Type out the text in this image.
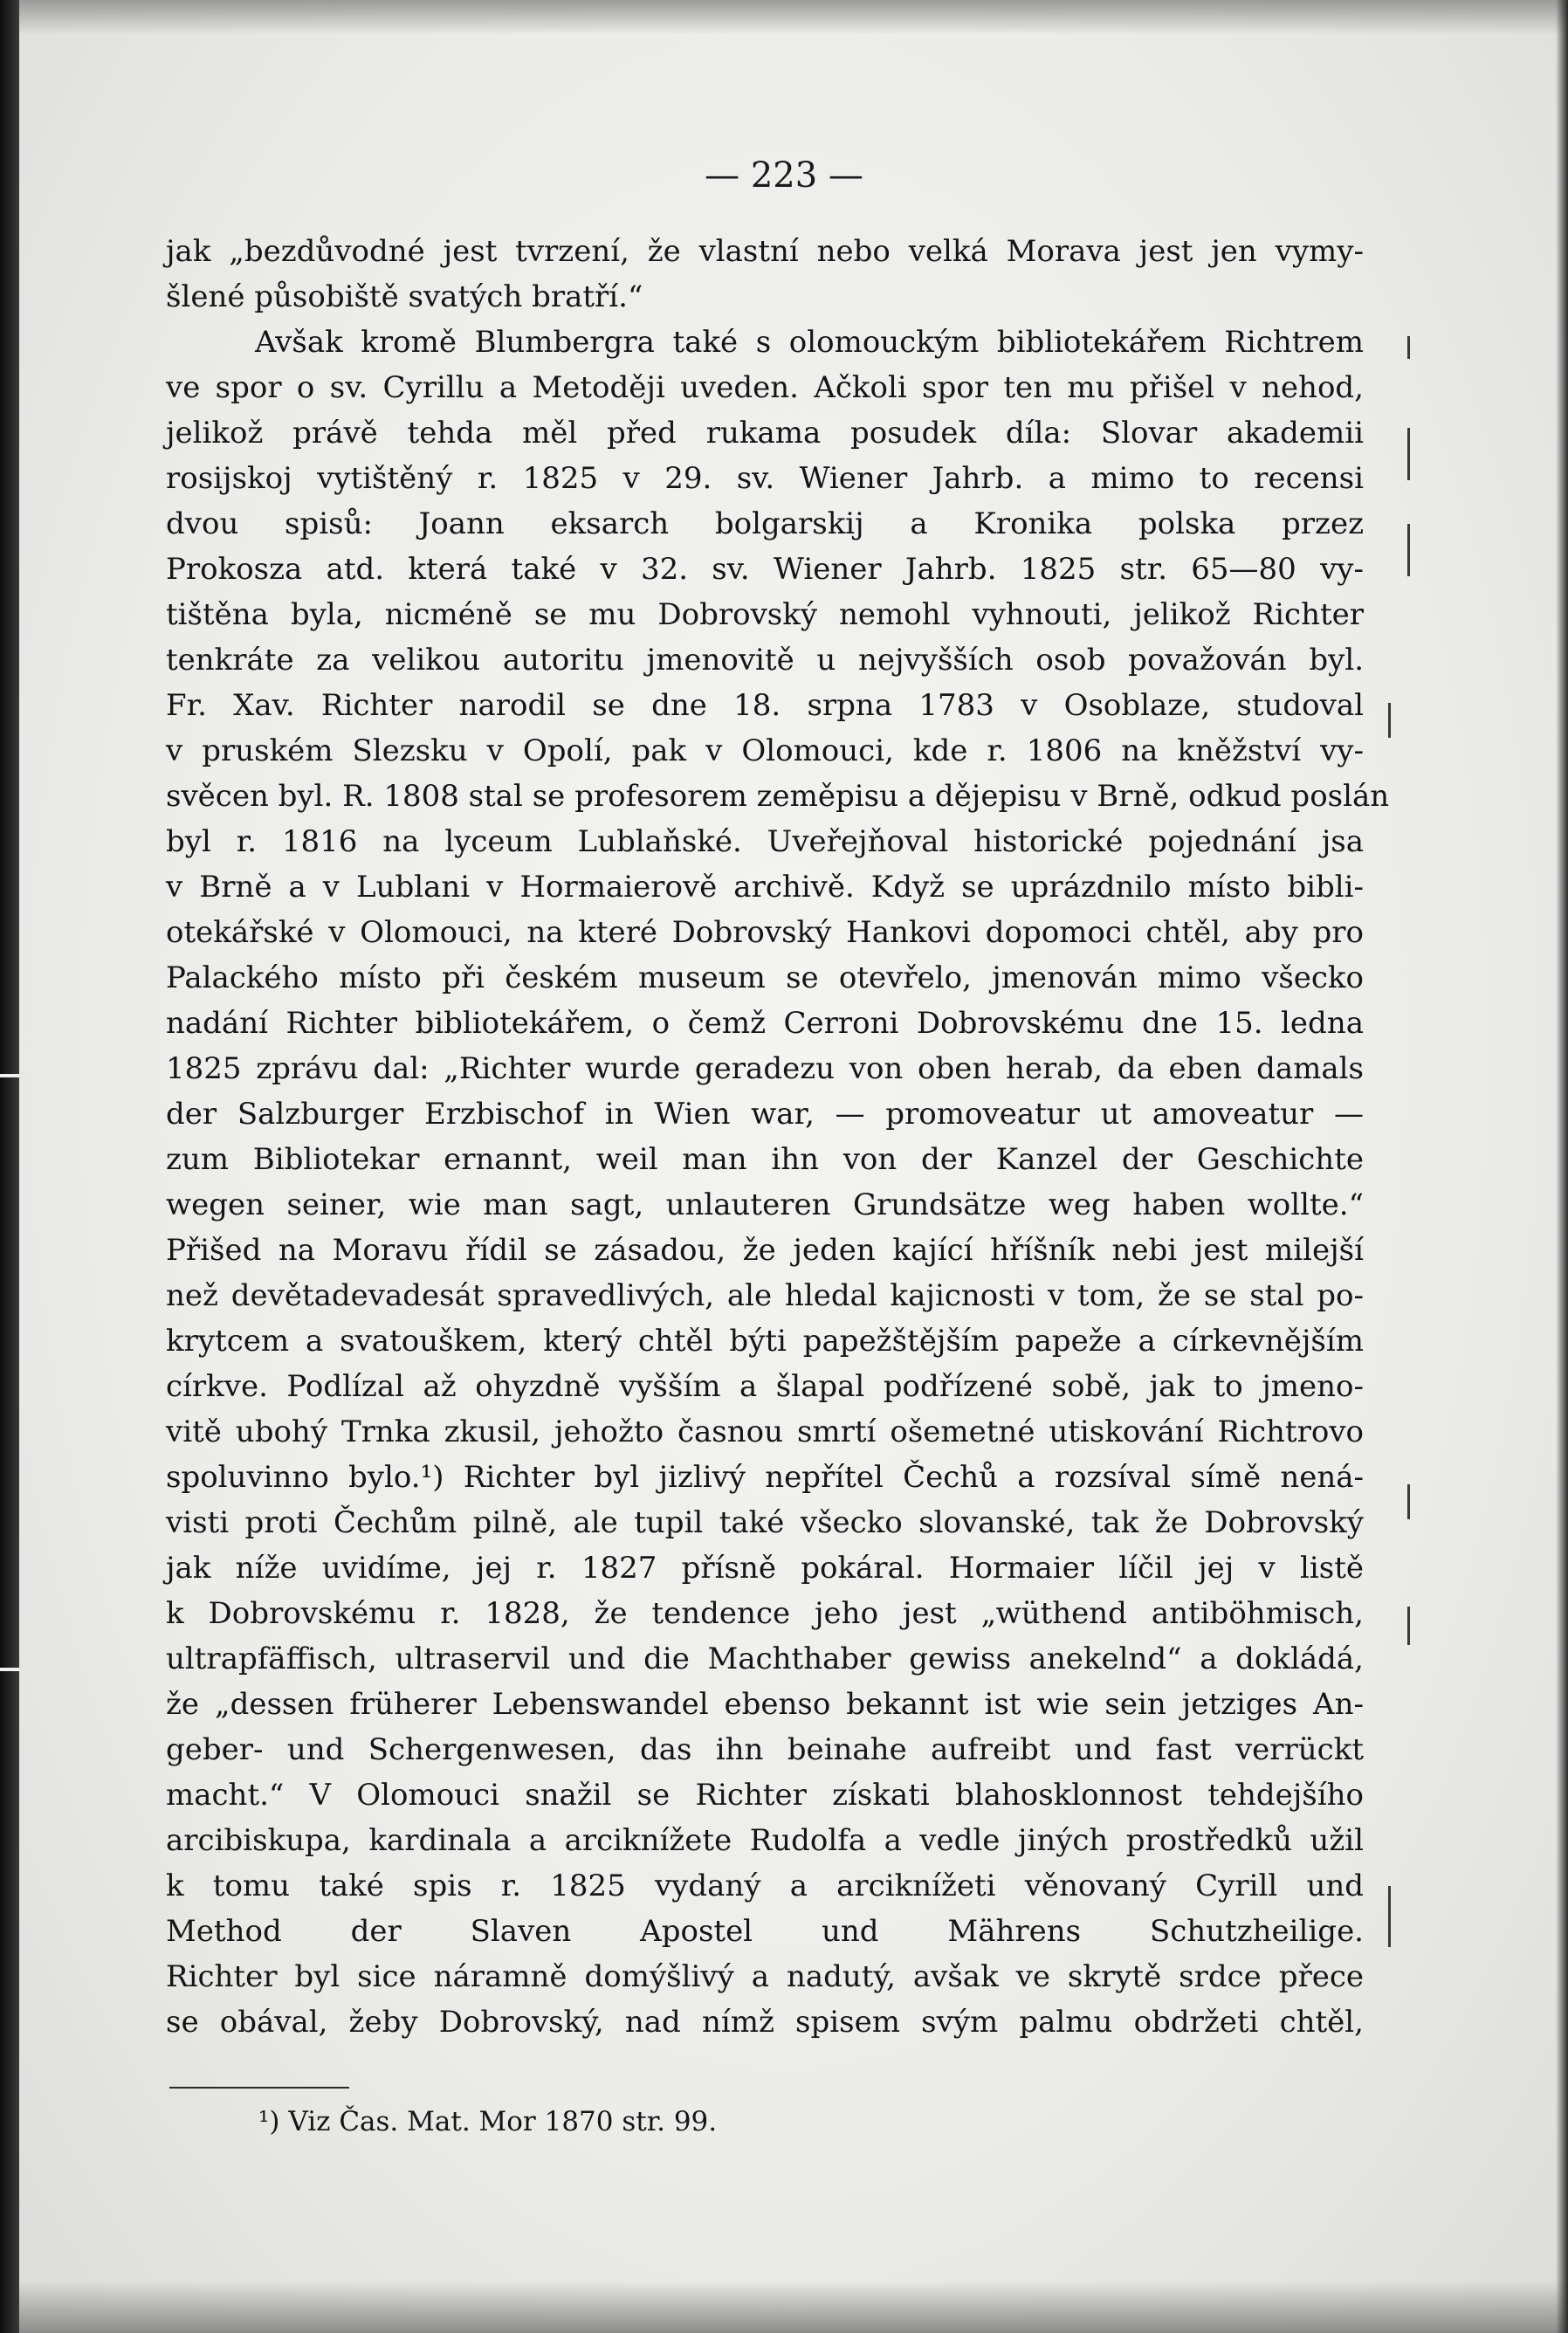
— 223 —
jak „bezdůvodné jest tvrzení, že vlastní nebo velká Morava jest jen vymy-
šlené působiště svatých bratří.“
Avšak kromě Blumbergra také s olomouckým bibliotekářem Richtrem
ve spor o sv. Cyrillu a Metoději uveden. Ačkoli spor ten mu přišel v nehod,
jelikož právě tehda měl před rukama posudek díla: Slovar akademii
rosijskoj vytištěný r. 1825 v 29. sv. Wiener Jahrb. a mimo to recensi
dvou spisů: Joann eksarch bolgarskij a Kronika polska przez
Prokosza atd. která také v 32. sv. Wiener Jahrb. 1825 str. 65—80 vy-
tištěna byla, nicméně se mu Dobrovský nemohl vyhnouti, jelikož Richter
tenkráte za velikou autoritu jmenovitě u nejvyšších osob považován byl.
Fr. Xav. Richter narodil se dne 18. srpna 1783 v Osoblaze, studoval
v pruském Slezsku v Opolí, pak v Olomouci, kde r. 1806 na kněžství vy-
svěcen byl. R. 1808 stal se profesorem zeměpisu a dějepisu v Brně, odkud poslán
byl r. 1816 na lyceum Lublaňské. Uveřejňoval historické pojednání jsa
v Brně a v Lublani v Hormaierově archivě. Když se uprázdnilo místo bibli-
otekářské v Olomouci, na které Dobrovský Hankovi dopomoci chtěl, aby pro
Palackého místo při českém museum se otevřelo, jmenován mimo všecko
nadání Richter bibliotekářem, o čemž Cerroni Dobrovskému dne 15. ledna
1825 zprávu dal: „Richter wurde geradezu von oben herab, da eben damals
der Salzburger Erzbischof in Wien war, — promoveatur ut amoveatur —
zum Bibliotekar ernannt, weil man ihn von der Kanzel der Geschichte
wegen seiner, wie man sagt, unlauteren Grundsätze weg haben wollte.“
Přišed na Moravu řídil se zásadou, že jeden kající hříšník nebi jest milejší
než devětadevadesát spravedlivých, ale hledal kajicnosti v tom, že se stal po-
krytcem a svatouškem, který chtěl býti papežštějším papeže a církevnějším
církve. Podlízal až ohyzdně vyšším a šlapal podřízené sobě, jak to jmeno-
vitě ubohý Trnka zkusil, jehožto časnou smrtí ošemetné utiskování Richtrovo
spoluvinno bylo.¹) Richter byl jizlivý nepřítel Čechů a rozsíval símě nená-
visti proti Čechům pilně, ale tupil také všecko slovanské, tak že Dobrovský
jak níže uvidíme, jej r. 1827 přísně pokáral. Hormaier líčil jej v listě
k Dobrovskému r. 1828, že tendence jeho jest „wüthend antiböhmisch,
ultrapfäffisch, ultraservil und die Machthaber gewiss anekelnd“ a dokládá,
že „dessen früherer Lebenswandel ebenso bekannt ist wie sein jetziges An-
geber- und Schergenwesen, das ihn beinahe aufreibt und fast verrückt
macht.“ V Olomouci snažil se Richter získati blahosklonnost tehdejšího
arcibiskupa, kardinala a arciknížete Rudolfa a vedle jiných prostředků užil
k tomu také spis r. 1825 vydaný a arciknížeti věnovaný Cyrill und
Method der Slaven Apostel und Mährens Schutzheilige.
Richter byl sice náramně domýšlivý a nadutý, avšak ve skrytě srdce přece
se obával, žeby Dobrovský, nad nímž spisem svým palmu obdržeti chtěl,
¹) Viz Čas. Mat. Mor 1870 str. 99.
